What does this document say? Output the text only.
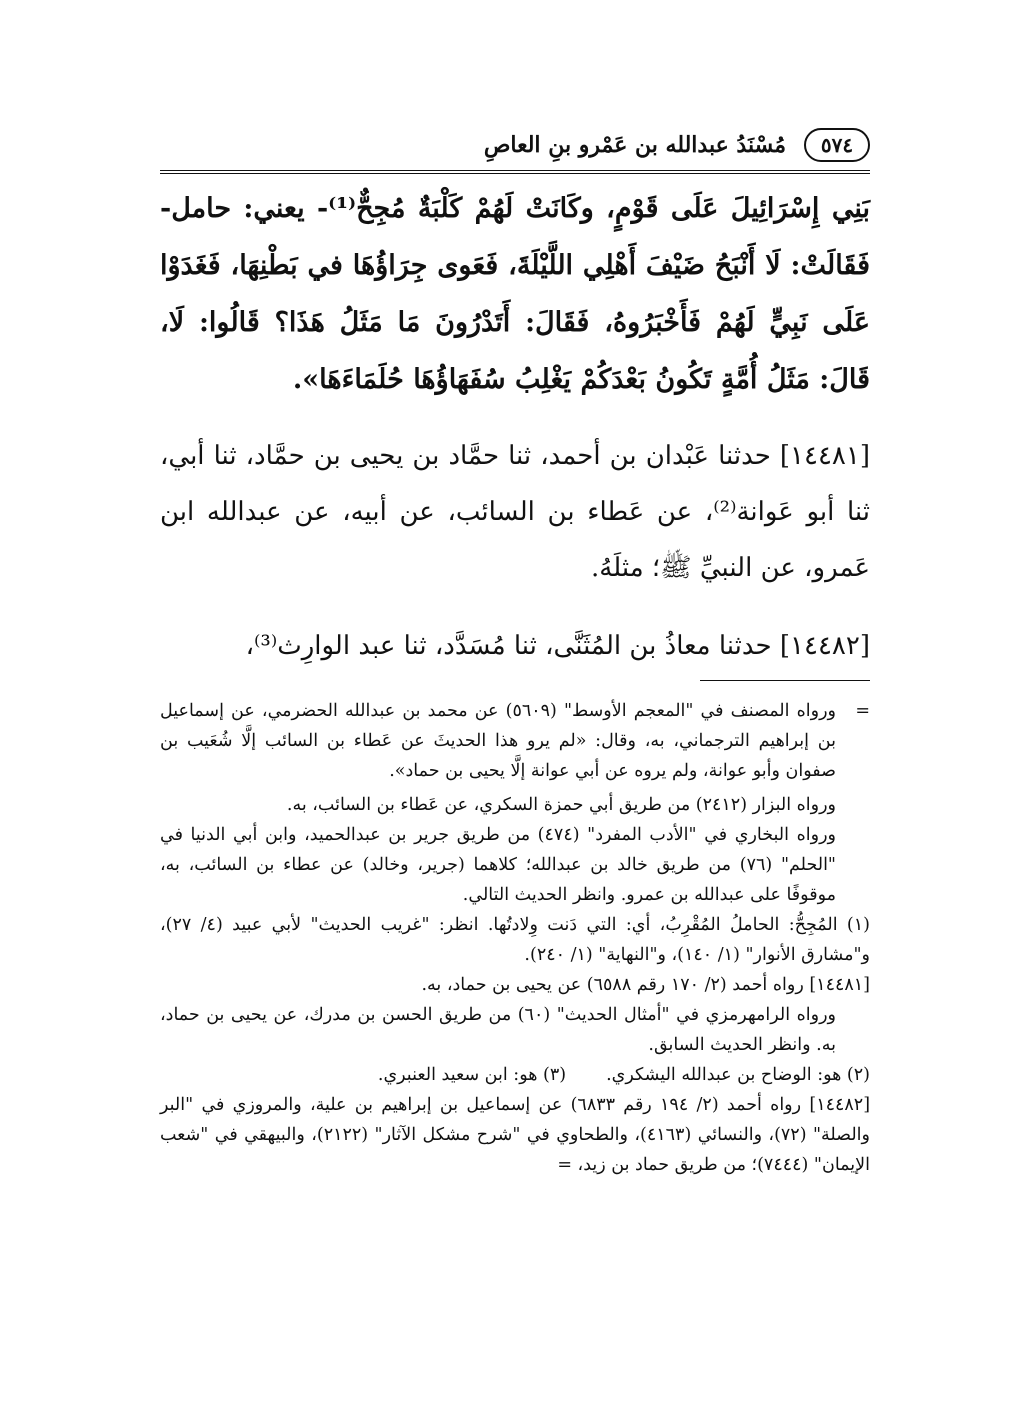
٥٧٤
مُسْنَدُ عبدالله بن عَمْرو بنِ العاصِ

بَنِي إِسْرَائِيلَ عَلَى قَوْمٍ، وكَانَتْ لَهُمْ كَلْبَةٌ مُجِحٌّ⁽¹⁾- يعني: حامل- فَقَالَتْ: لَا أَنْبَحُ ضَيْفَ أَهْلِي اللَّيْلَةَ، فَعَوى جِرَاؤُهَا في بَطْنِهَا، فَغَدَوْا عَلَى نَبِيٍّ لَهُمْ فَأَخْبَرُوهُ، فَقَالَ: أَتَدْرُونَ مَا مَثَلُ هَذَا؟ قَالُوا: لَا، قَالَ: مَثَلُ أُمَّةٍ تَكُونُ بَعْدَكُمْ يَغْلِبُ سُفَهَاؤُهَا حُلَمَاءَهَا».

[١٤٤٨١] حدثنا عَبْدان بن أحمد، ثنا حمَّاد بن يحيى بن حمَّاد، ثنا أبي، ثنا أبو عَوانة⁽²⁾، عن عَطاء بن السائب، عن أبيه، عن عبدالله ابن عَمرو، عن النبيِّ ﷺ؛ مثلَهُ.

[١٤٤٨٢] حدثنا معاذُ بن المُثَنَّى، ثنا مُسَدَّد، ثنا عبد الوارِث⁽³⁾،

=
ورواه المصنف في "المعجم الأوسط" (٥٦٠٩) عن محمد بن عبدالله الحضرمي، عن إسماعيل بن إبراهيم الترجماني، به، وقال: «لم يرو هذا الحديثَ عن عَطاء بن السائب إلَّا شُعَيب بن صفوان وأبو عوانة، ولم يروه عن أبي عوانة إلَّا يحيى بن حماد».

ورواه البزار (٢٤١٢) من طريق أبي حمزة السكري، عن عَطاء بن السائب، به.

ورواه البخاري في "الأدب المفرد" (٤٧٤) من طريق جرير بن عبدالحميد، وابن أبي الدنيا في "الحلم" (٧٦) من طريق خالد بن عبدالله؛ كلاهما (جرير، وخالد) عن عطاء بن السائب، به، موقوفًا على عبدالله بن عمرو. وانظر الحديث التالي.

(١) المُجِحُّ: الحاملُ المُقْرِبُ، أي: التي دَنت وِلادتُها. انظر: "غريب الحديث" لأبي عبيد (٤/ ٢٧)، و"مشارق الأنوار" (١/ ١٤٠)، و"النهاية" (١/ ٢٤٠).

[١٤٤٨١] رواه أحمد (٢/ ١٧٠ رقم ٦٥٨٨) عن يحيى بن حماد، به.

ورواه الرامهرمزي في "أمثال الحديث" (٦٠) من طريق الحسن بن مدرك، عن يحيى بن حماد، به. وانظر الحديث السابق.

(٢) هو: الوضاح بن عبدالله اليشكري.
(٣) هو: ابن سعيد العنبري.

[١٤٤٨٢] رواه أحمد (٢/ ١٩٤ رقم ٦٨٣٣) عن إسماعيل بن إبراهيم بن علية، والمروزي في "البر والصلة" (٧٢)، والنسائي (٤١٦٣)، والطحاوي في "شرح مشكل الآثار" (٢١٢٢)، والبيهقي في "شعب الإيمان" (٧٤٤٤)؛ من طريق حماد بن زيد، =
